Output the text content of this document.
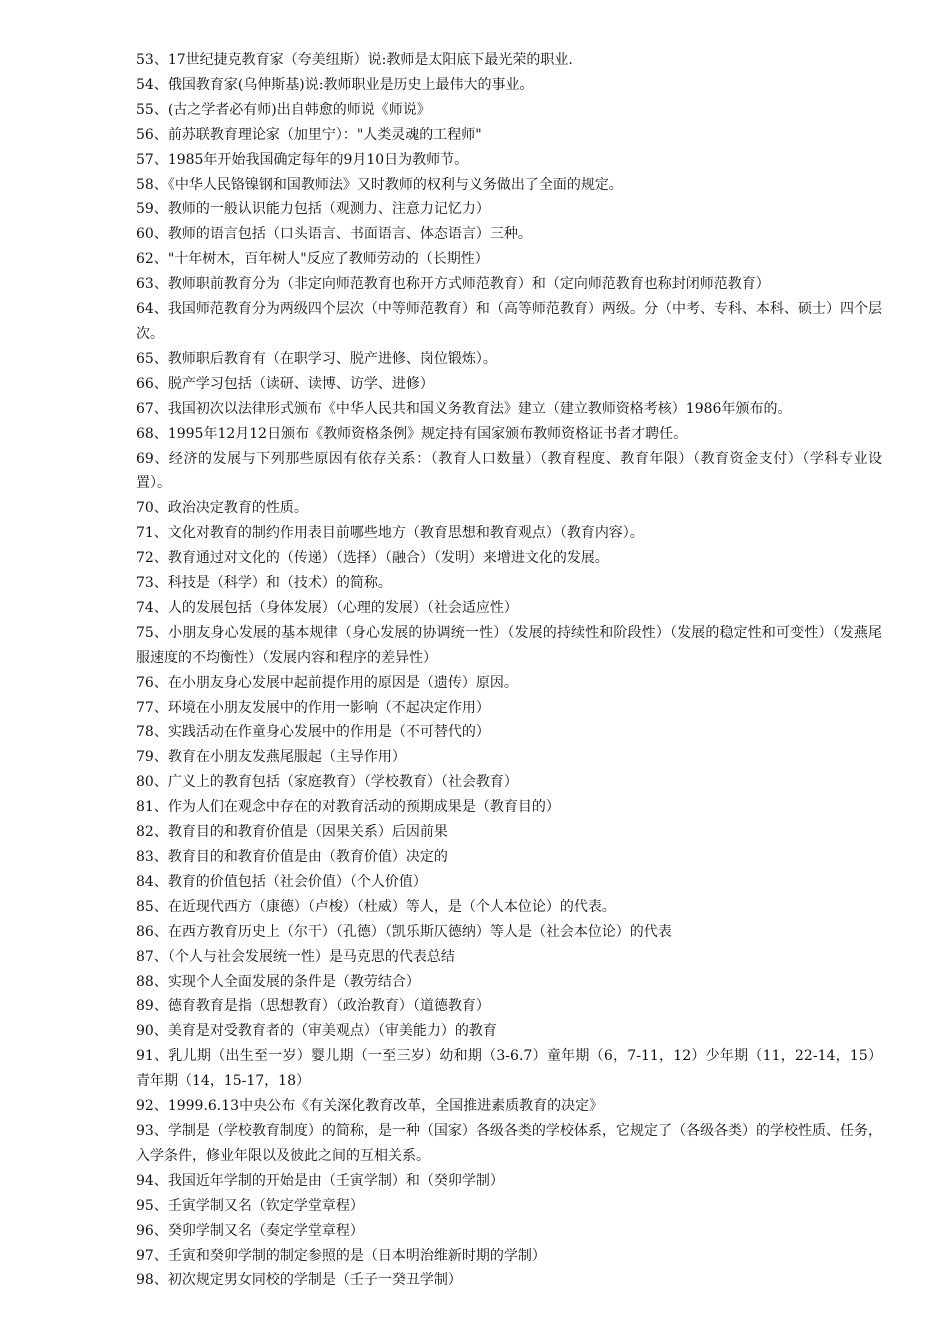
53、17世纪捷克教育家（夸美纽斯）说:教师是太阳底下最光荣的职业.

54、俄国教育家(乌伸斯基)说:教师职业是历史上最伟大的事业。

55、(古之学者必有师)出自韩愈的师说《师说》

56、前苏联教育理论家（加里宁）："人类灵魂的工程师"

57、1985年开始我国确定每年的9月10日为教师节。

58、《中华人民铬镍钢和国教师法》又时教师的权利与义务做出了全面的规定。

59、教师的一般认识能力包括（观测力、注意力记忆力）

60、教师的语言包括（口头语言、书面语言、体态语言）三种。

62、"十年树木，百年树人"反应了教师劳动的（长期性）

63、教师职前教育分为（非定向师范教育也称开方式师范教育）和（定向师范教育也称封闭师范教育）

64、我国师范教育分为两级四个层次（中等师范教育）和（高等师范教育）两级。分（中考、专科、本科、硕士）四个层次。

65、教师职后教育有（在职学习、脱产进修、岗位锻炼）。

66、脱产学习包括（读研、读博、访学、进修）

67、我国初次以法律形式颁布《中华人民共和国义务教育法》建立（建立教师资格考核）1986年颁布的。

68、1995年12月12日颁布《教师资格条例》规定持有国家颁布教师资格证书者才聘任。

69、经济的发展与下列那些原因有依存关系：（教育人口数量）（教育程度、教育年限）（教育资金支付）（学科专业设置）。

70、政治决定教育的性质。

71、文化对教育的制约作用表目前哪些地方（教育思想和教育观点）（教育内容）。

72、教育通过对文化的（传递）（选择）（融合）（发明）来增进文化的发展。

73、科技是（科学）和（技术）的简称。

74、人的发展包括（身体发展）（心理的发展）（社会适应性）

75、小朋友身心发展的基本规律（身心发展的协调统一性）（发展的持续性和阶段性）（发展的稳定性和可变性）（发燕尾服速度的不均衡性）（发展内容和程序的差异性）

76、在小朋友身心发展中起前提作用的原因是（遗传）原因。

77、环境在小朋友发展中的作用一影响（不起决定作用）

78、实践活动在作童身心发展中的作用是（不可替代的）

79、教育在小朋友发燕尾服起（主导作用）

80、广义上的教育包括（家庭教育）（学校教育）（社会教育）

81、作为人们在观念中存在的对教育活动的预期成果是（教育目的）

82、教育目的和教育价值是（因果关系）后因前果

83、教育目的和教育价值是由（教育价值）决定的

84、教育的价值包括（社会价值）（个人价值）

85、在近现代西方（康德）（卢梭）（杜威）等人，是（个人本位论）的代表。

86、在西方教育历史上（尔干）（孔德）（凯乐斯仄德纳）等人是（社会本位论）的代表

87、（个人与社会发展统一性）是马克思的代表总结

88、实现个人全面发展的条件是（教劳结合）

89、德育教育是指（思想教育）（政治教育）（道德教育）

90、美育是对受教育者的（审美观点）（审美能力）的教育

91、乳儿期（出生至一岁）婴儿期（一至三岁）幼和期（3-6.7）童年期（6，7-11，12）少年期（11，22-14，15）青年期（14，15-17，18）

92、1999.6.13中央公布《有关深化教育改革，全国推进素质教育的决定》

93、学制是（学校教育制度）的简称，是一种（国家）各级各类的学校体系，它规定了（各级各类）的学校性质、任务，入学条件，修业年限以及彼此之间的互相关系。

94、我国近年学制的开始是由（壬寅学制）和（癸卯学制）

95、壬寅学制又名（钦定学堂章程）

96、癸卯学制又名（奏定学堂章程）

97、壬寅和癸卯学制的制定参照的是（日本明治维新时期的学制）

98、初次规定男女同校的学制是（壬子一癸丑学制）
